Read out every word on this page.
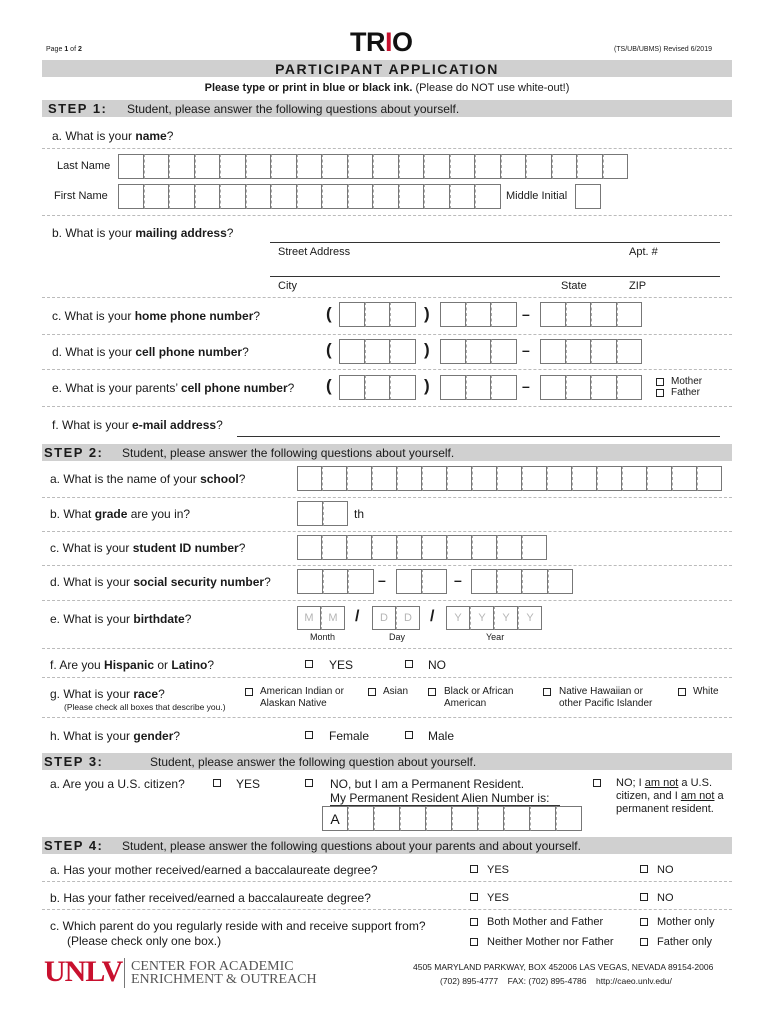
Page 1 of 2	TRIO	(TS/UB/UBMS) Revised 6/2019
PARTICIPANT APPLICATION
Please type or print in blue or black ink. (Please do NOT use white-out!)
STEP 1: Student, please answer the following questions about yourself.
a. What is your name?
Last Name
First Name	Middle Initial
b. What is your mailing address?
Street Address	Apt. #
City	State	ZIP
c. What is your home phone number?	(	)	–
d. What is your cell phone number?	(	)	–
e. What is your parents’ cell phone number? (	)	–	Mother
Father
f. What is your e-mail address?
STEP 2: Student, please answer the following questions about yourself.
a. What is the name of your school?
b. What grade are you in?	th
c. What is your student ID number?
d. What is your social security number?	–	–
e. What is your birthdate?	M	M	/	D	D	/	Y	Y	Y	Y
Month	Day	Year
f. Are you Hispanic or Latino?	YES	NO
g. What is your race?
(Please check all boxes that describe you.)
American Indian or
Alaskan Native
Asian	Black or African
American
Native Hawaiian or
other Pacific Islander
White
h. What is your gender?	Female	Male
STEP 3:	Student, please answer the following question about yourself.
a. Are you a U.S. citizen?	YES	NO, but I am a Permanent Resident.
My Permanent Resident Alien Number is:
A
NO; I am not a U.S.
citizen, and I am not a
permanent resident.
STEP 4: Student, please answer the following questions about your parents and about yourself.
a. Has your mother received/earned a baccalaureate degree?	YES	NO
b. Has your father received/earned a baccalaureate degree?	YES	NO
c. Which parent do you regularly reside with and receive support from?
(Please check only one box.)
Both Mother and Father	Mother only
Neither Mother nor Father	Father only
UNLV CENTER FOR ACADEMIC
ENRICHMENT & OUTREACH
4505 MARYLAND PARKWAY, BOX 452006 LAS VEGAS, NEVADA 89154-2006
(702) 895-4777 FAX: (702) 895-4786 http://caeo.unlv.edu/
